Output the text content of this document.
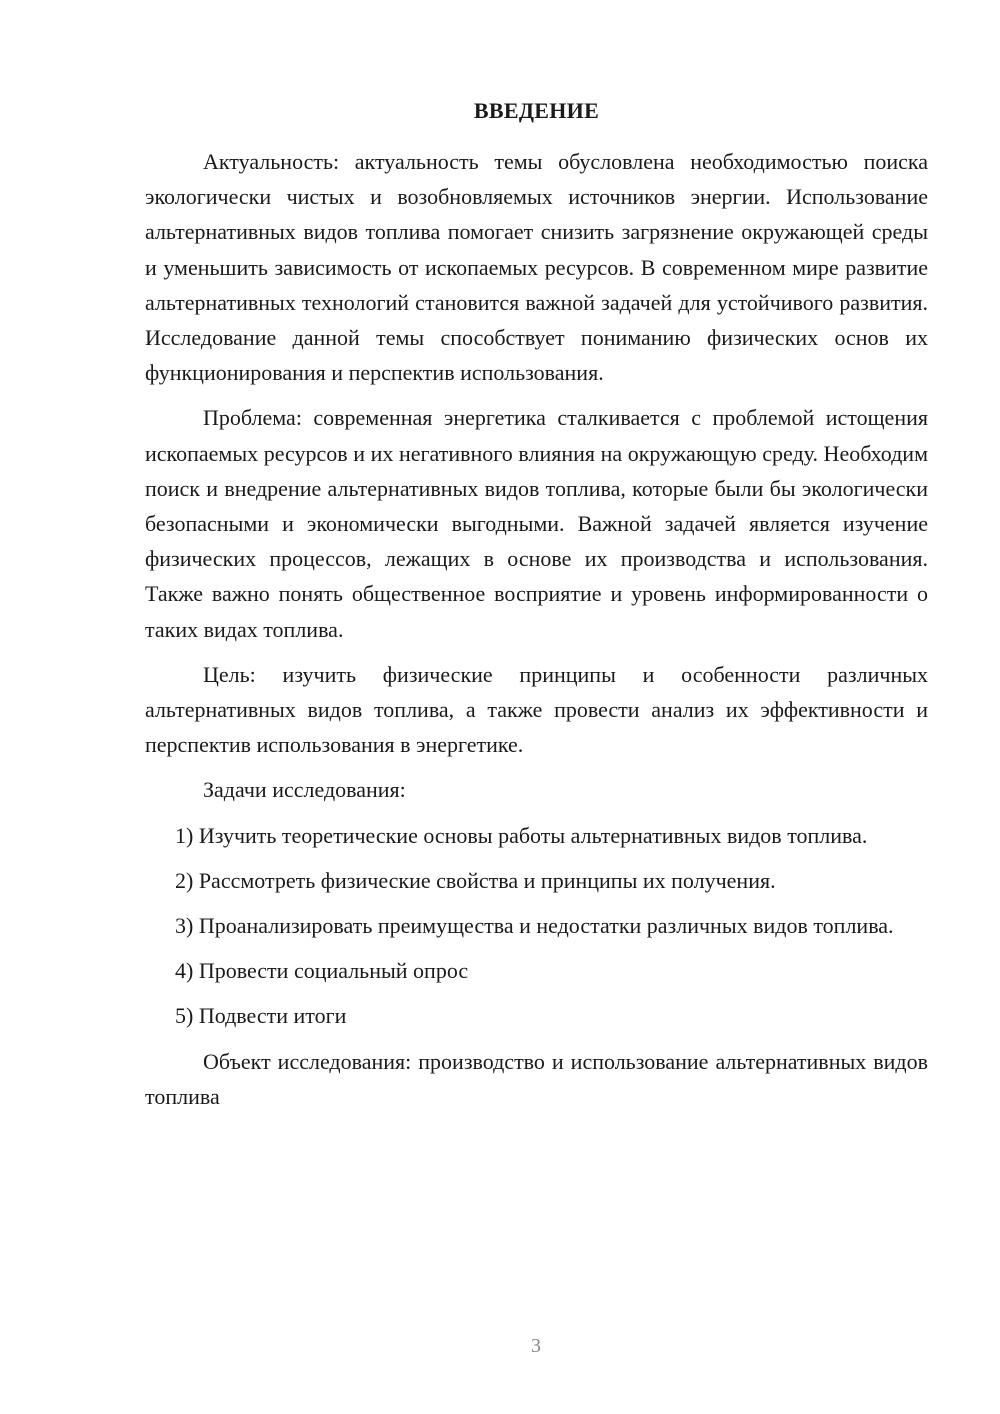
ВВЕДЕНИЕ

Актуальность: актуальность темы обусловлена необходимостью поиска экологически чистых и возобновляемых источников энергии. Использование альтернативных видов топлива помогает снизить загрязнение окружающей среды и уменьшить зависимость от ископаемых ресурсов. В современном мире развитие альтернативных технологий становится важной задачей для устойчивого развития. Исследование данной темы способствует пониманию физических основ их функционирования и перспектив использования.

Проблема: современная энергетика сталкивается с проблемой истощения ископаемых ресурсов и их негативного влияния на окружающую среду. Необходим поиск и внедрение альтернативных видов топлива, которые были бы экологически безопасными и экономически выгодными. Важной задачей является изучение физических процессов, лежащих в основе их производства и использования. Также важно понять общественное восприятие и уровень информированности о таких видах топлива.

Цель: изучить физические принципы и особенности различных альтернативных видов топлива, а также провести анализ их эффективности и перспектив использования в энергетике.

Задачи исследования:

1) Изучить теоретические основы работы альтернативных видов топлива.

2) Рассмотреть физические свойства и принципы их получения.

3) Проанализировать преимущества и недостатки различных видов топлива.

4) Провести социальный опрос

5) Подвести итоги

Объект исследования: производство и использование альтернативных видов топлива

3
